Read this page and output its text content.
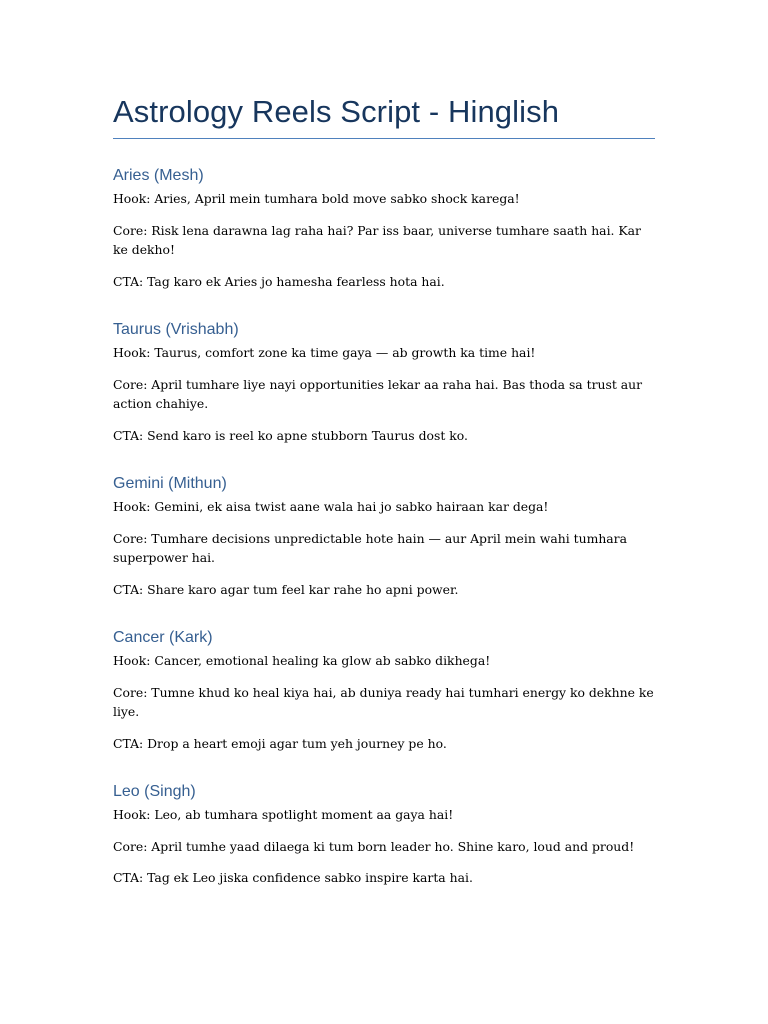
Astrology Reels Script - Hinglish
Aries (Mesh)

Hook: Aries, April mein tumhara bold move sabko shock karega!

Core: Risk lena darawna lag raha hai? Par iss baar, universe tumhare saath hai. Kar ke dekho!

CTA: Tag karo ek Aries jo hamesha fearless hota hai.

Taurus (Vrishabh)

Hook: Taurus, comfort zone ka time gaya — ab growth ka time hai!

Core: April tumhare liye nayi opportunities lekar aa raha hai. Bas thoda sa trust aur action chahiye.

CTA: Send karo is reel ko apne stubborn Taurus dost ko.

Gemini (Mithun)

Hook: Gemini, ek aisa twist aane wala hai jo sabko hairaan kar dega!

Core: Tumhare decisions unpredictable hote hain — aur April mein wahi tumhara superpower hai.

CTA: Share karo agar tum feel kar rahe ho apni power.

Cancer (Kark)

Hook: Cancer, emotional healing ka glow ab sabko dikhega!

Core: Tumne khud ko heal kiya hai, ab duniya ready hai tumhari energy ko dekhne ke liye.

CTA: Drop a heart emoji agar tum yeh journey pe ho.

Leo (Singh)

Hook: Leo, ab tumhara spotlight moment aa gaya hai!

Core: April tumhe yaad dilaega ki tum born leader ho. Shine karo, loud and proud!

CTA: Tag ek Leo jiska confidence sabko inspire karta hai.
